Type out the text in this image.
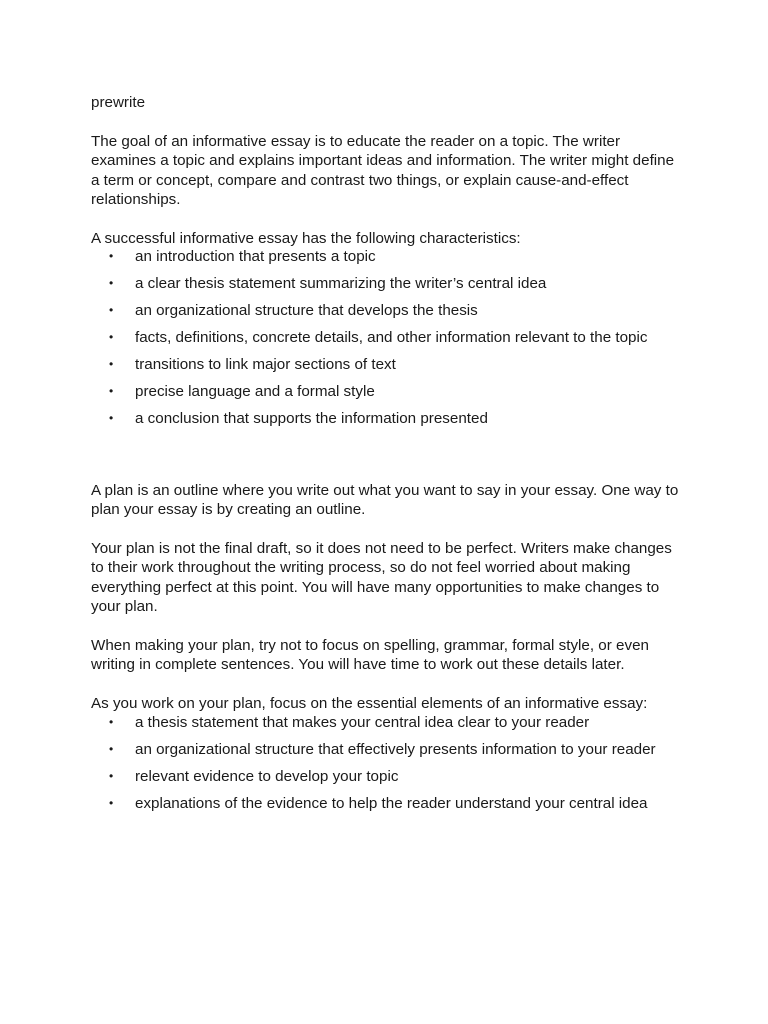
prewrite

The goal of an informative essay is to educate the reader on a topic. The writer examines a topic and explains important ideas and information. The writer might define a term or concept, compare and contrast two things, or explain cause-and-effect relationships.

A successful informative essay has the following characteristics:

• an introduction that presents a topic
• a clear thesis statement summarizing the writer’s central idea
• an organizational structure that develops the thesis
• facts, definitions, concrete details, and other information relevant to the topic
• transitions to link major sections of text
• precise language and a formal style
• a conclusion that supports the information presented

A plan is an outline where you write out what you want to say in your essay. One way to plan your essay is by creating an outline.

Your plan is not the final draft, so it does not need to be perfect. Writers make changes to their work throughout the writing process, so do not feel worried about making everything perfect at this point. You will have many opportunities to make changes to your plan.

When making your plan, try not to focus on spelling, grammar, formal style, or even writing in complete sentences. You will have time to work out these details later.

As you work on your plan, focus on the essential elements of an informative essay:

• a thesis statement that makes your central idea clear to your reader
• an organizational structure that effectively presents information to your reader
• relevant evidence to develop your topic
• explanations of the evidence to help the reader understand your central idea
